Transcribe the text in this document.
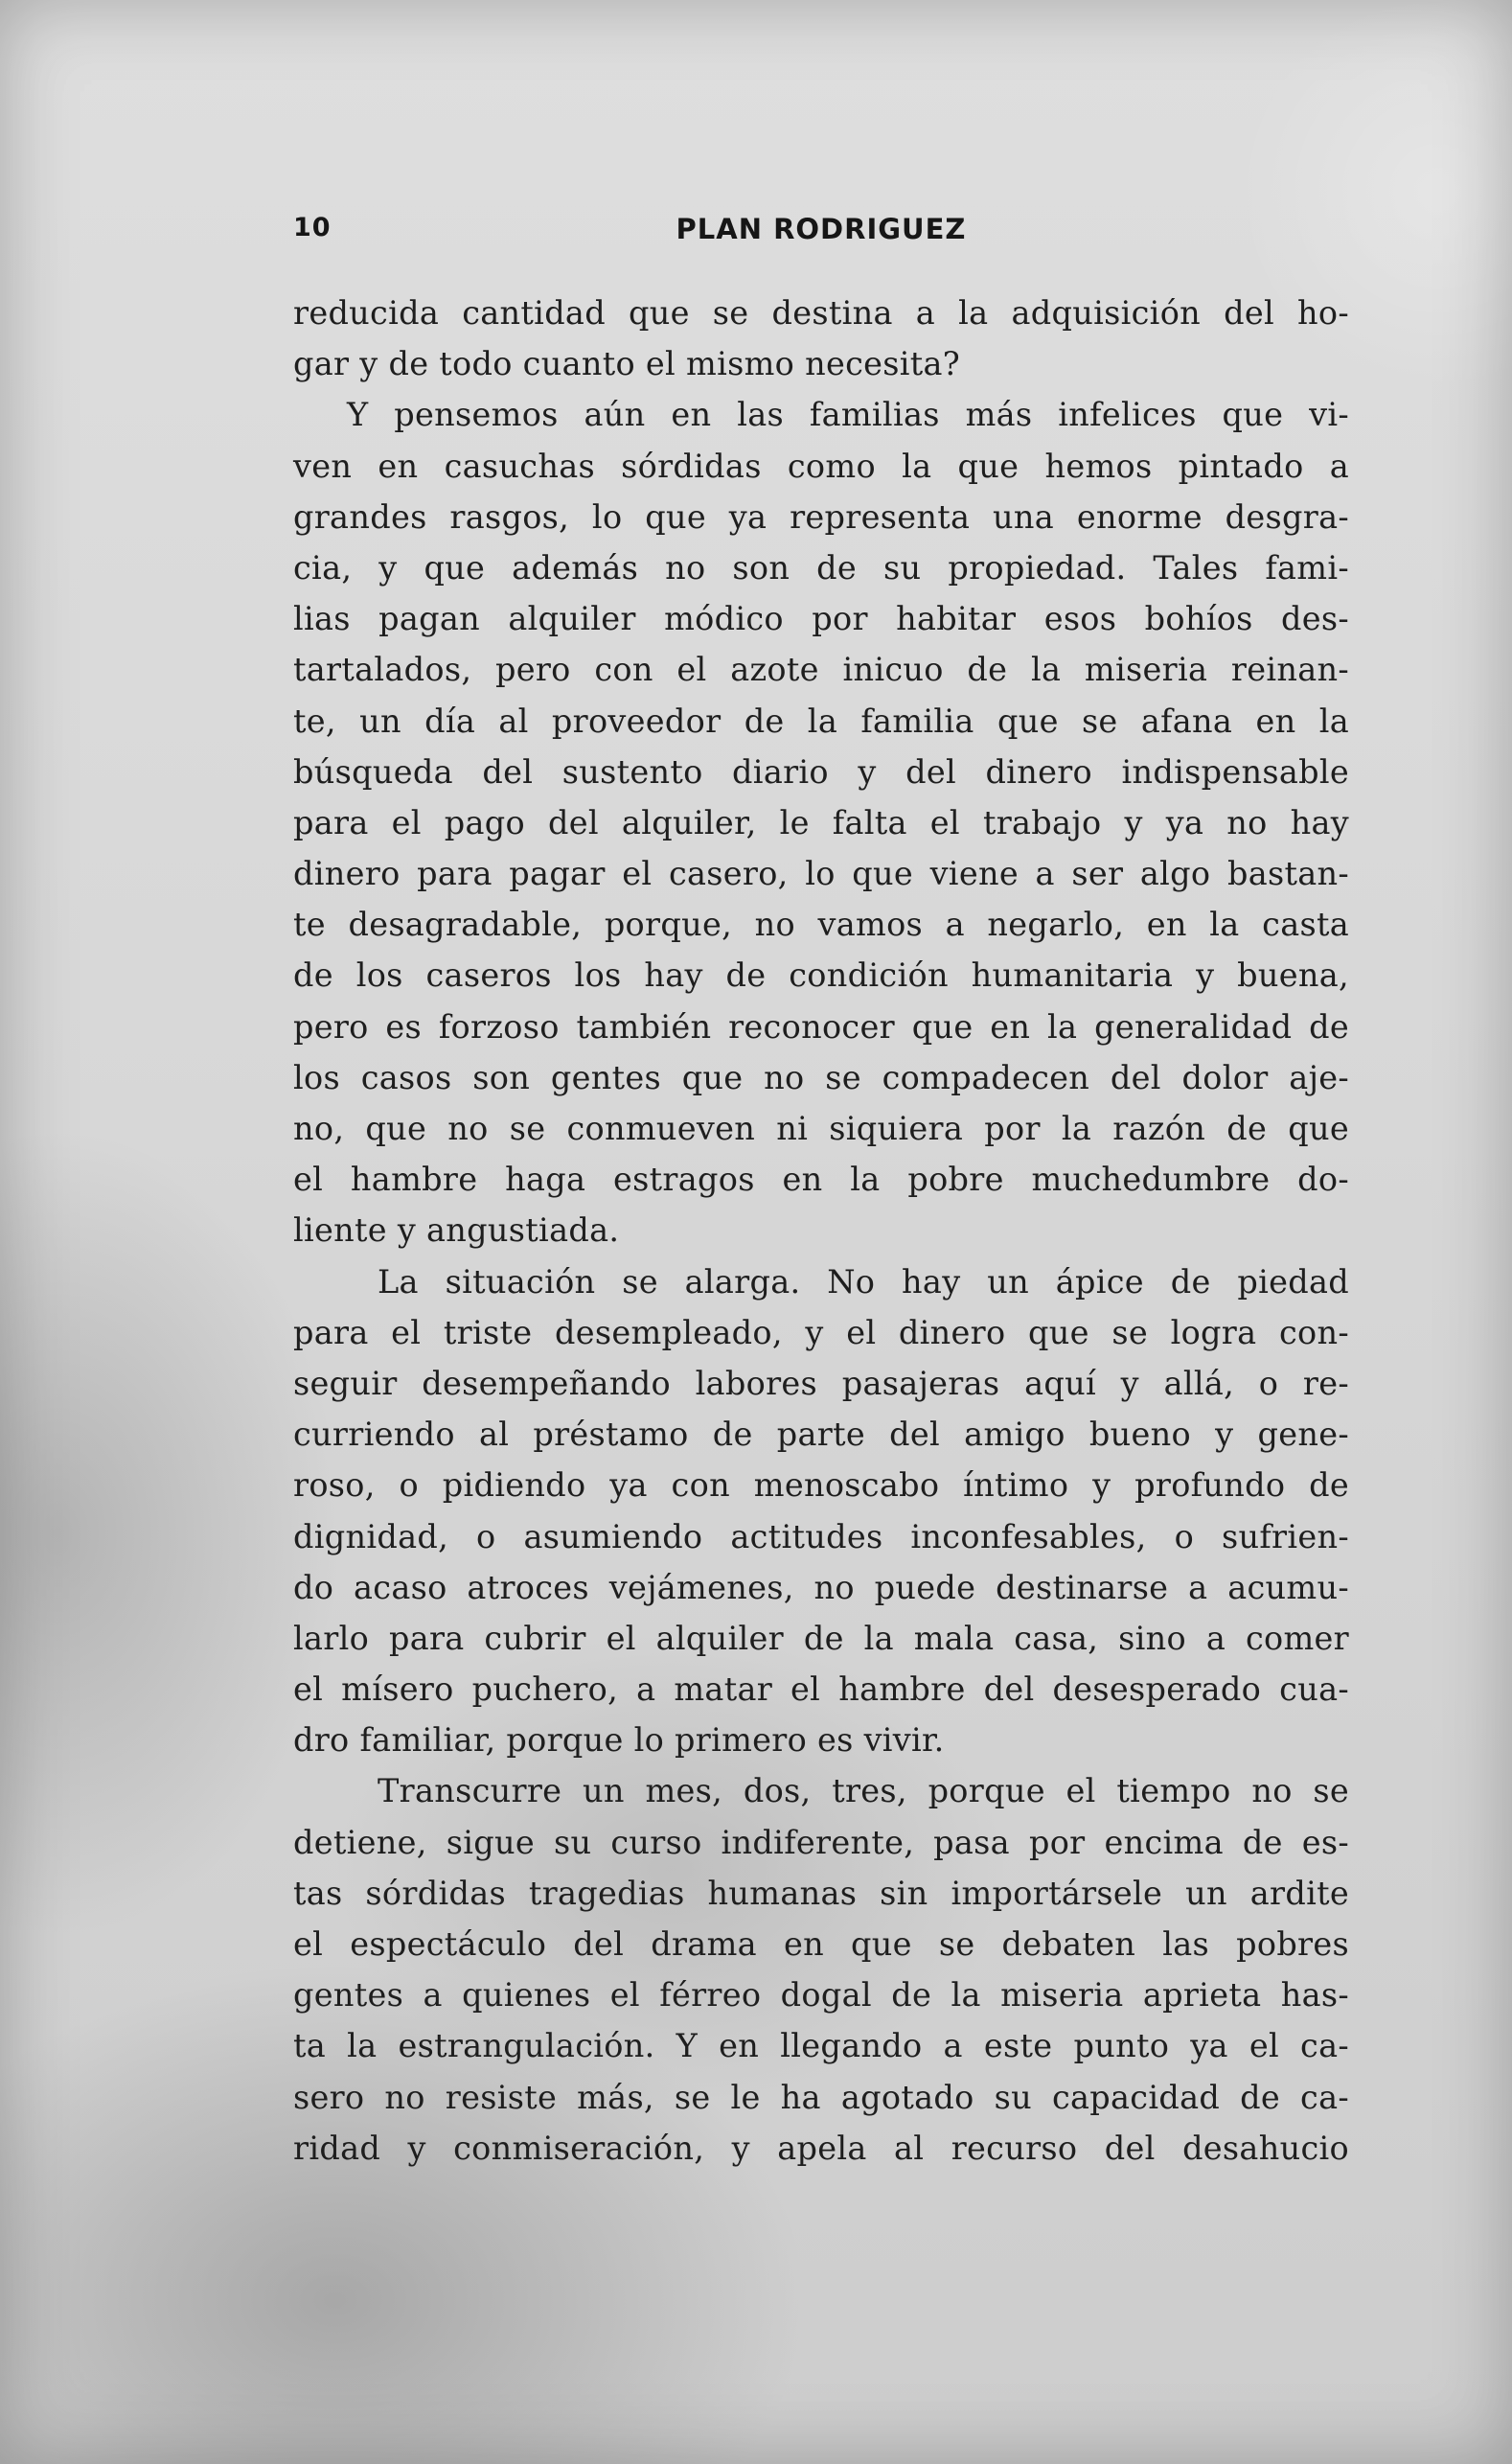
10	PLAN RODRIGUEZ
reducida cantidad que se destina a la adquisición del ho-
gar y de todo cuanto el mismo necesita?
Y pensemos aún en las familias más infelices que vi-
ven en casuchas sórdidas como la que hemos pintado a
grandes rasgos, lo que ya representa una enorme desgra-
cia, y que además no son de su propiedad. Tales fami-
lias pagan alquiler módico por habitar esos bohíos des-
tartalados, pero con el azote inicuo de la miseria reinan-
te, un día al proveedor de la familia que se afana en la
búsqueda del sustento diario y del dinero indispensable
para el pago del alquiler, le falta el trabajo y ya no hay
dinero para pagar el casero, lo que viene a ser algo bastan-
te desagradable, porque, no vamos a negarlo, en la casta
de los caseros los hay de condición humanitaria y buena,
pero es forzoso también reconocer que en la generalidad de
los casos son gentes que no se compadecen del dolor aje-
no, que no se conmueven ni siquiera por la razón de que
el hambre haga estragos en la pobre muchedumbre do-
liente y angustiada.
La situación se alarga. No hay un ápice de piedad
para el triste desempleado, y el dinero que se logra con-
seguir desempeñando labores pasajeras aquí y allá, o re-
curriendo al préstamo de parte del amigo bueno y gene-
roso, o pidiendo ya con menoscabo íntimo y profundo de
dignidad, o asumiendo actitudes inconfesables, o sufrien-
do acaso atroces vejámenes, no puede destinarse a acumu-
larlo para cubrir el alquiler de la mala casa, sino a comer
el mísero puchero, a matar el hambre del desesperado cua-
dro familiar, porque lo primero es vivir.
Transcurre un mes, dos, tres, porque el tiempo no se
detiene, sigue su curso indiferente, pasa por encima de es-
tas sórdidas tragedias humanas sin importársele un ardite
el espectáculo del drama en que se debaten las pobres
gentes a quienes el férreo dogal de la miseria aprieta has-
ta la estrangulación. Y en llegando a este punto ya el ca-
sero no resiste más, se le ha agotado su capacidad de ca-
ridad y conmiseración, y apela al recurso del desahucio
